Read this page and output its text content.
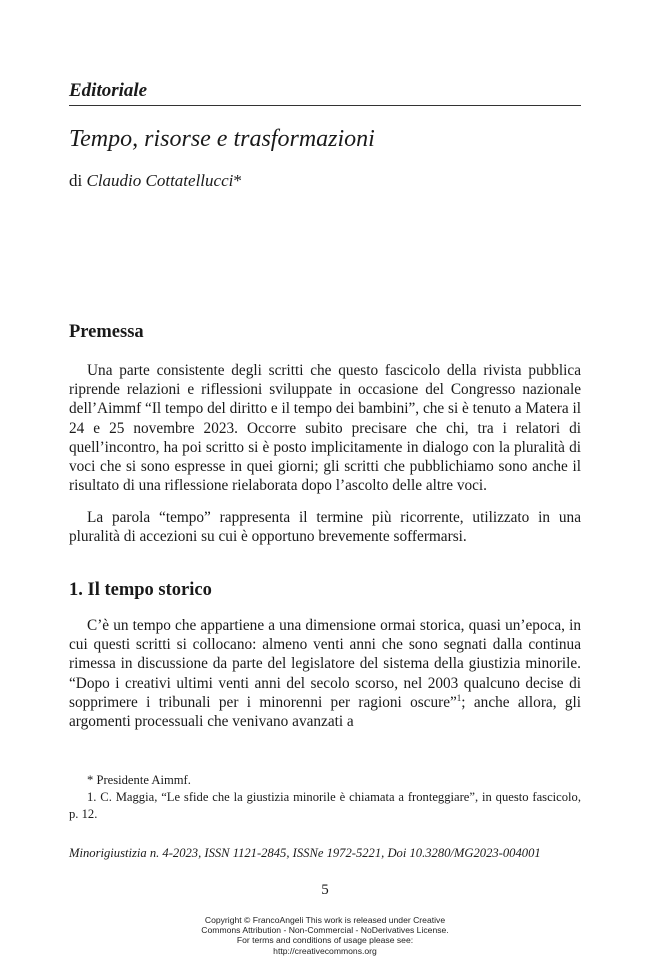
Editoriale
Tempo, risorse e trasformazioni
di Claudio Cottatellucci*
Premessa

Una parte consistente degli scritti che questo fascicolo della rivista pubblica riprende relazioni e riflessioni sviluppate in occasione del Congresso nazionale dell’Aimmf “Il tempo del diritto e il tempo dei bambini”, che si è tenuto a Matera il 24 e 25 novembre 2023. Occorre subito precisare che chi, tra i relatori di quell’incontro, ha poi scritto si è posto implicitamente in dialogo con la pluralità di voci che si sono espresse in quei giorni; gli scritti che pubblichiamo sono anche il risultato di una riflessione rielaborata dopo l’ascolto delle altre voci.

La parola “tempo” rappresenta il termine più ricorrente, utilizzato in una pluralità di accezioni su cui è opportuno brevemente soffermarsi.

1. Il tempo storico

C’è un tempo che appartiene a una dimensione ormai storica, quasi un’epoca, in cui questi scritti si collocano: almeno venti anni che sono segnati dalla continua rimessa in discussione da parte del legislatore del sistema della giustizia minorile. “Dopo i creativi ultimi venti anni del secolo scorso, nel 2003 qualcuno decise di sopprimere i tribunali per i minorenni per ragioni oscure”$^1$; anche allora, gli argomenti processuali che venivano avanzati a

* Presidente Aimmf.

1. C. Maggia, “Le sfide che la giustizia minorile è chiamata a fronteggiare”, in questo fascicolo, p. 12.

Minorigiustizia n. 4-2023, ISSN 1121-2845, ISSNe 1972-5221, Doi 10.3280/MG2023-004001
5
Copyright © FrancoAngeli This work is released under Creative
Commons Attribution - Non-Commercial - NoDerivatives License.
For terms and conditions of usage please see:
http://creativecommons.org
